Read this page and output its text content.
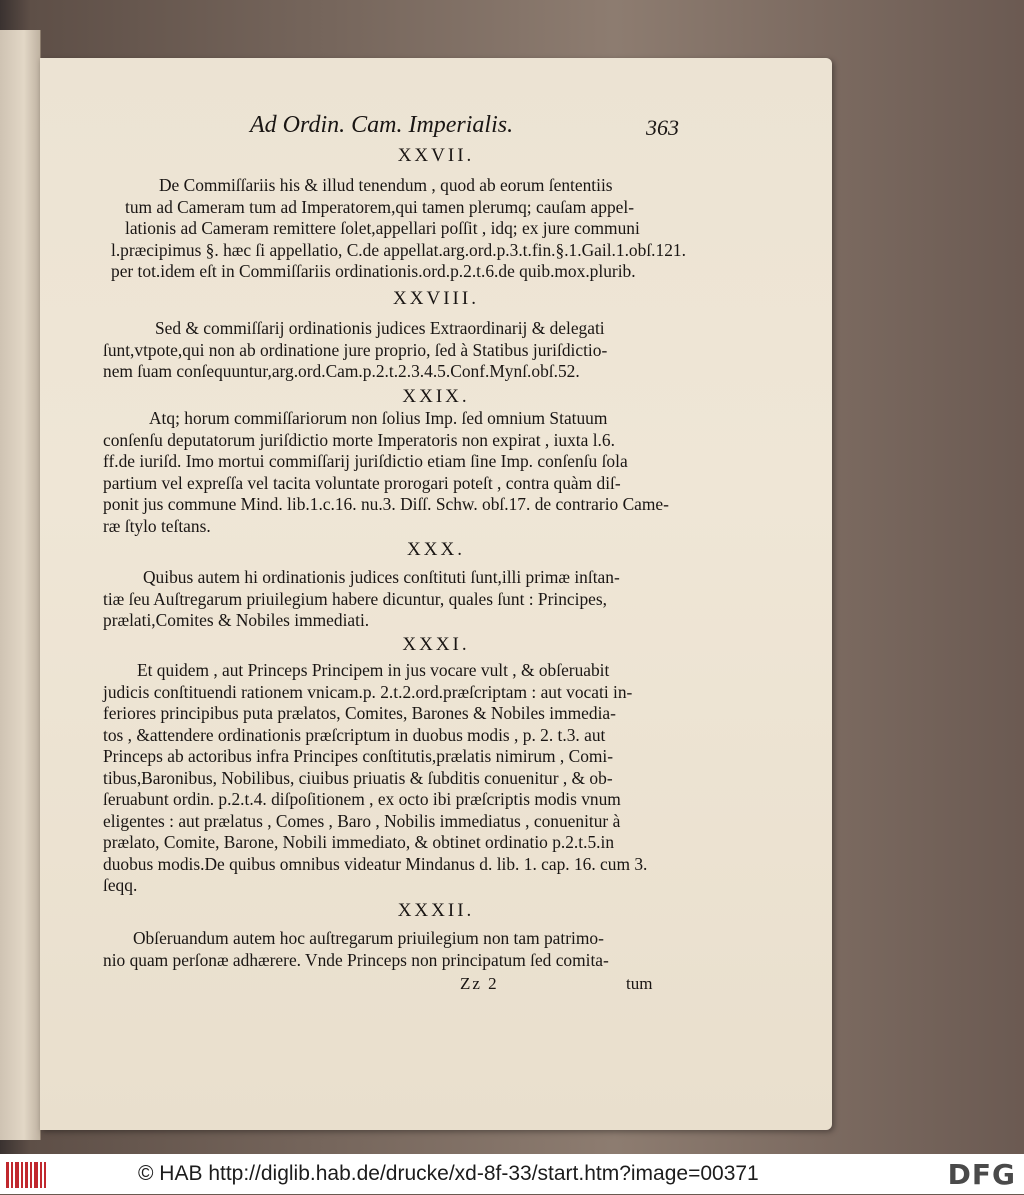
Ad Ordin. Cam. Imperialis.	363
XXVII.
De Commiſſariis his & illud tenendum , quod ab eorum ſententiis
tum ad Cameram tum ad Imperatorem,qui tamen plerumq; cauſam appel-
lationis ad Cameram remittere ſolet,appellari poſſit , idq; ex jure communi
l.præcipimus §. hæc ſi appellatio, C.de appellat.arg.ord.p.3.t.fin.§.1.Gail.1.obſ.121.
per tot.idem eſt in Commiſſariis ordinationis.ord.p.2.t.6.de quib.mox.plurib.
XXVIII.
Sed & commiſſarij ordinationis judices Extraordinarij & delegati
ſunt,vtpote,qui non ab ordinatione jure proprio, ſed à Statibus juriſdictio-
nem ſuam conſequuntur,arg.ord.Cam.p.2.t.2.3.4.5.Conf.Mynſ.obſ.52.
XXIX.
Atq; horum commiſſariorum non ſolius Imp. ſed omnium Statuum
conſenſu deputatorum juriſdictio morte Imperatoris non expirat , iuxta l.6.
ff.de iuriſd. Imo mortui commiſſarij juriſdictio etiam ſine Imp. conſenſu ſola
partium vel expreſſa vel tacita voluntate prorogari poteſt , contra quàm diſ-
ponit jus commune Mind. lib.1.c.16. nu.3. Diſſ. Schw. obſ.17. de contrario Came-
ræ ſtylo teſtans.
XXX.
Quibus autem hi ordinationis judices conſtituti ſunt,illi primæ inſtan-
tiæ ſeu Auſtregarum priuilegium habere dicuntur, quales ſunt : Principes,
prælati,Comites & Nobiles immediati.
XXXI.
Et quidem , aut Princeps Principem in jus vocare vult , & obſeruabit
judicis conſtituendi rationem vnicam.p. 2.t.2.ord.præſcriptam : aut vocati in-
feriores principibus puta prælatos, Comites, Barones & Nobiles immedia-
tos , &attendere ordinationis præſcriptum in duobus modis , p. 2. t.3. aut
Princeps ab actoribus infra Principes conſtitutis,prælatis nimirum , Comi-
tibus,Baronibus, Nobilibus, ciuibus priuatis & ſubditis conuenitur , & ob-
ſeruabunt ordin. p.2.t.4. diſpoſitionem , ex octo ibi præſcriptis modis vnum
eligentes : aut prælatus , Comes , Baro , Nobilis immediatus , conuenitur à
prælato, Comite, Barone, Nobili immediato, & obtinet ordinatio p.2.t.5.in
duobus modis.De quibus omnibus videatur Mindanus d. lib. 1. cap. 16. cum 3.
ſeqq.
XXXII.
Obſeruandum autem hoc auſtregarum priuilegium non tam patrimo-
nio quam perſonæ adhærere. Vnde Princeps non principatum ſed comita-
Zz 2	tum
© HAB http://diglib.hab.de/drucke/xd-8f-33/start.htm?image=00371	DFG
